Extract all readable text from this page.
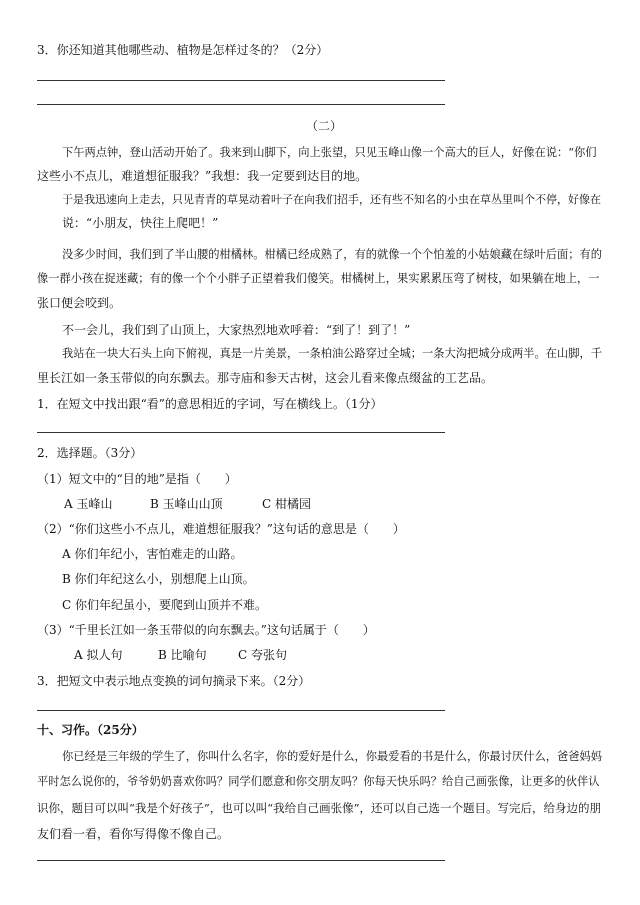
3．你还知道其他哪些动、植物是怎样过冬的？（2分）
（二）
下午两点钟，登山活动开始了。我来到山脚下，向上张望，只见玉峰山像一个高大的巨人，好像在说：“你们
这些小不点儿，难道想征服我？”我想：我一定要到达目的地。
于是我迅速向上走去，只见青青的草晃动着叶子在向我们招手，还有些不知名的小虫在草丛里叫个不停，好像在
说：“小朋友，快往上爬吧！”
没多少时间，我们到了半山腰的柑橘林。柑橘已经成熟了，有的就像一个个怕羞的小姑娘藏在绿叶后面；有的
像一群小孩在捉迷藏；有的像一个个小胖子正望着我们傻笑。柑橘树上，果实累累压弯了树枝，如果躺在地上，一
张口便会咬到。
不一会儿，我们到了山顶上，大家热烈地欢呼着：“到了！到了！”
我站在一块大石头上向下俯视，真是一片美景，一条柏油公路穿过全城；一条大沟把城分成两半。在山脚，千
里长江如一条玉带似的向东飘去。那寺庙和参天古树，这会儿看来像点缀盆的工艺品。
1．在短文中找出跟“看”的意思相近的字词，写在横线上。（1分）
2．选择题。（3分）
（1）短文中的“目的地”是指（　　）
A 玉峰山	B 玉峰山山顶	C 柑橘园
（2）“你们这些小不点儿，难道想征服我？”这句话的意思是（　　）
A 你们年纪小，害怕难走的山路。
B 你们年纪这么小，别想爬上山顶。
C 你们年纪虽小，要爬到山顶并不难。
（3）“千里长江如一条玉带似的向东飘去。”这句话属于（　　）
A 拟人句	B 比喻句	C 夸张句
3．把短文中表示地点变换的词句摘录下来。（2分）
十、习作。（25分）
你已经是三年级的学生了，你叫什么名字，你的爱好是什么，你最爱看的书是什么，你最讨厌什么，爸爸妈妈
平时怎么说你的，爷爷奶奶喜欢你吗？同学们愿意和你交朋友吗？你每天快乐吗？给自己画张像，让更多的伙伴认
识你，题目可以叫“我是个好孩子”，也可以叫“我给自己画张像”，还可以自己选一个题目。写完后，给身边的朋
友们看一看，看你写得像不像自己。
